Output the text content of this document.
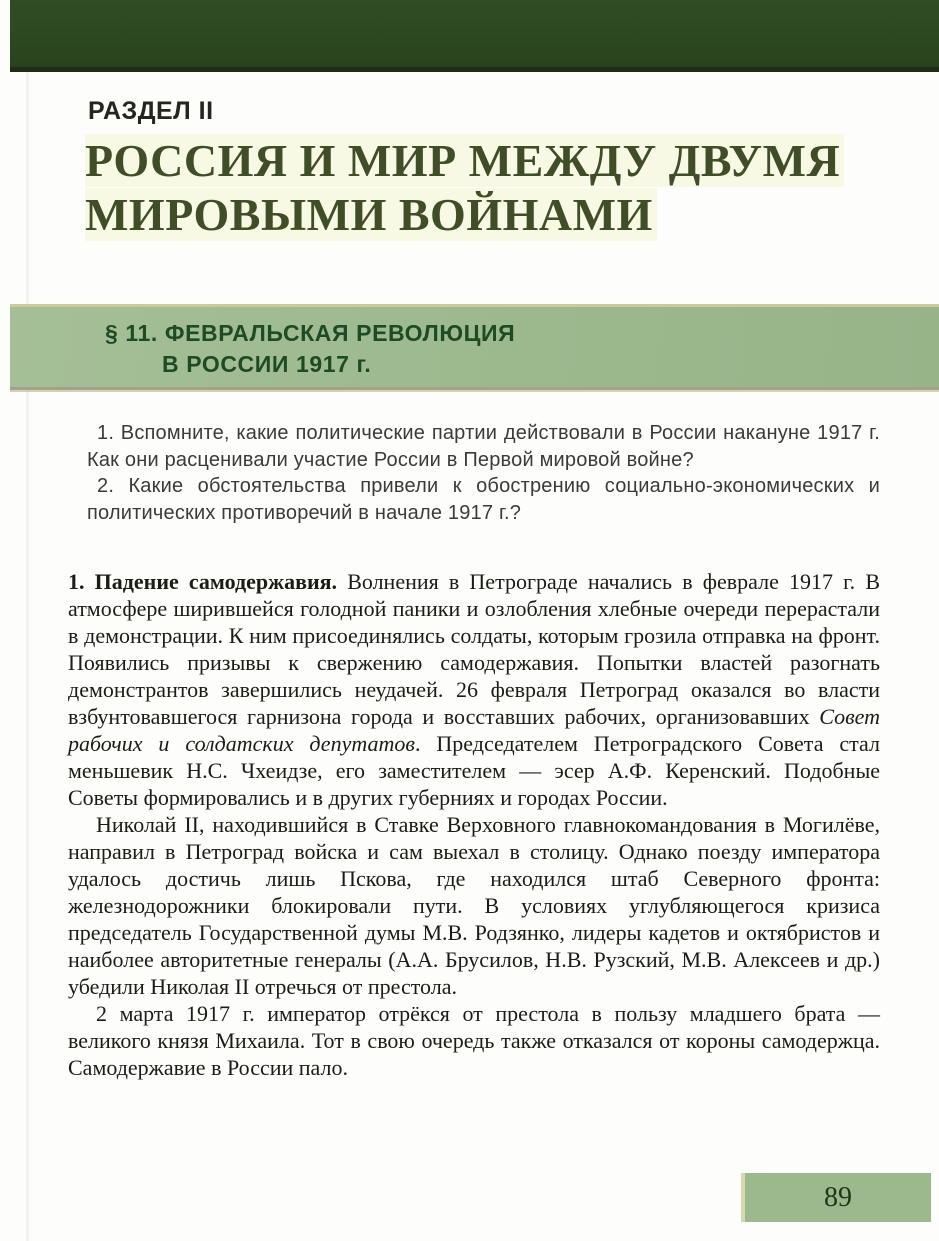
РАЗДЕЛ II
РОССИЯ И МИР МЕЖДУ ДВУМЯ
МИРОВЫМИ ВОЙНАМИ
§ 11. ФЕВРАЛЬСКАЯ РЕВОЛЮЦИЯ
В РОССИИ 1917 г.
1. Вспомните, какие политические партии действовали в России накануне 1917 г. Как они расценивали участие России в Первой мировой войне?
2. Какие обстоятельства привели к обострению социально-экономических и политических противоречий в начале 1917 г.?
1. Падение самодержавия. Волнения в Петрограде начались в феврале 1917 г. В атмосфере ширившейся голодной паники и озлобления хлебные очереди перерастали в демонстрации. К ним присоединялись солдаты, которым грозила отправка на фронт. Появились призывы к свержению самодержавия. Попытки властей разогнать демонстрантов завершились неудачей. 26 февраля Петроград оказался во власти взбунтовавшегося гарнизона города и восставших рабочих, организовавших Совет рабочих и солдатских депутатов. Председателем Петроградского Совета стал меньшевик Н.С. Чхеидзе, его заместителем — эсер А.Ф. Керенский. Подобные Советы формировались и в других губерниях и городах России.
Николай II, находившийся в Ставке Верховного главнокомандования в Могилёве, направил в Петроград войска и сам выехал в столицу. Однако поезду императора удалось достичь лишь Пскова, где находился штаб Северного фронта: железнодорожники блокировали пути. В условиях углубляющегося кризиса председатель Государственной думы М.В. Родзянко, лидеры кадетов и октябристов и наиболее авторитетные генералы (А.А. Брусилов, Н.В. Рузский, М.В. Алексеев и др.) убедили Николая II отречься от престола.
2 марта 1917 г. император отрёкся от престола в пользу младшего брата — великого князя Михаила. Тот в свою очередь также отказался от короны самодержца. Самодержавие в России пало.
89
